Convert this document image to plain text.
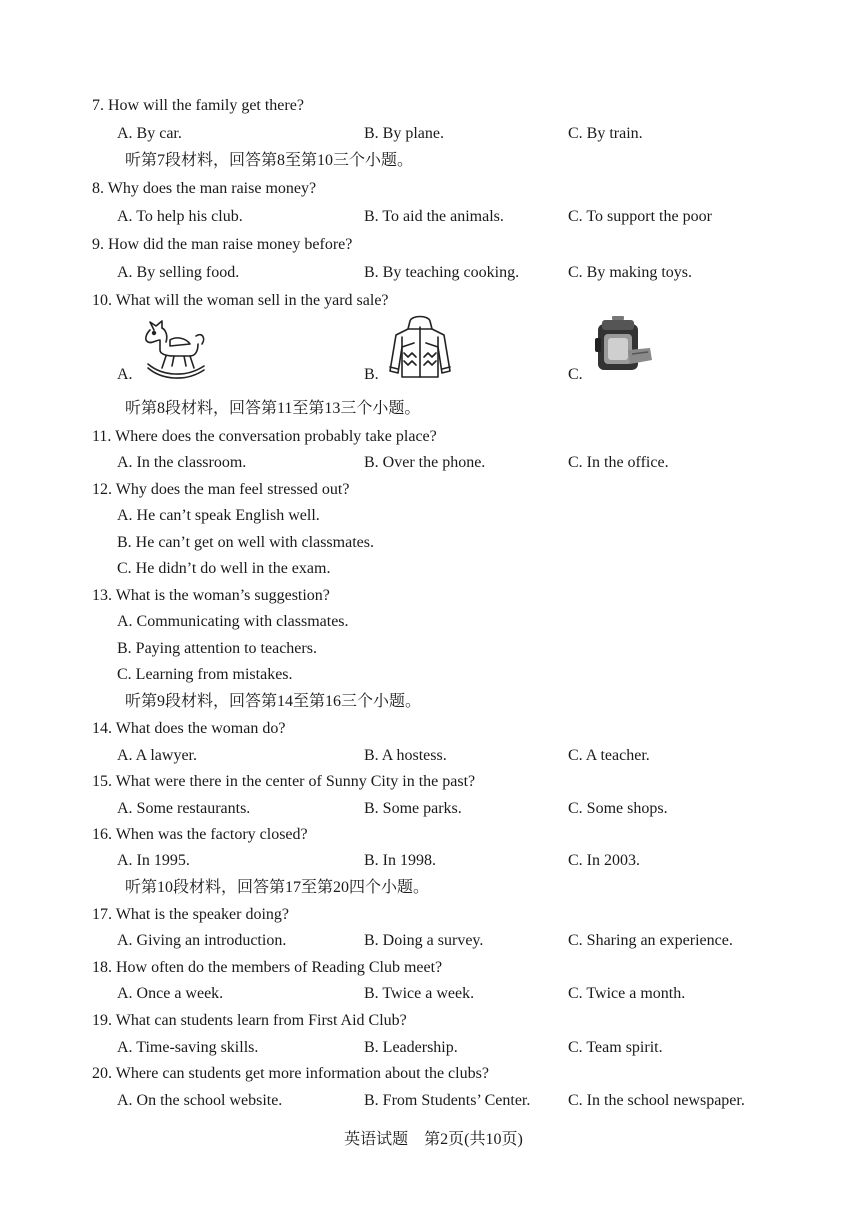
7. How will the family get there?
A. By car.	B. By plane.	C. By train.
听第7段材料，回答第8至第10三个小题。
8. Why does the man raise money?
A. To help his club.	B. To aid the animals.	C. To support the poor
9. How did the man raise money before?
A. By selling food.	B. By teaching cooking.	C. By making toys.
10. What will the woman sell in the yard sale?
A.	B.	C.
听第8段材料，回答第11至第13三个小题。
11. Where does the conversation probably take place?
A. In the classroom.	B. Over the phone.	C. In the office.
12. Why does the man feel stressed out?
A. He can’t speak English well.
B. He can’t get on well with classmates.
C. He didn’t do well in the exam.
13. What is the woman’s suggestion?
A. Communicating with classmates.
B. Paying attention to teachers.
C. Learning from mistakes.
听第9段材料，回答第14至第16三个小题。
14. What does the woman do?
A. A lawyer.	B. A hostess.	C. A teacher.
15. What were there in the center of Sunny City in the past?
A. Some restaurants.	B. Some parks.	C. Some shops.
16. When was the factory closed?
A. In 1995.	B. In 1998.	C. In 2003.
听第10段材料，回答第17至第20四个小题。
17. What is the speaker doing?
A. Giving an introduction.	B. Doing a survey.	C. Sharing an experience.
18. How often do the members of Reading Club meet?
A. Once a week.	B. Twice a week.	C. Twice a month.
19. What can students learn from First Aid Club?
A. Time-saving skills.	B. Leadership.	C. Team spirit.
20. Where can students get more information about the clubs?
A. On the school website.	B. From Students’ Center. C. In the school newspaper.
英语试题　第2页(共10页)
